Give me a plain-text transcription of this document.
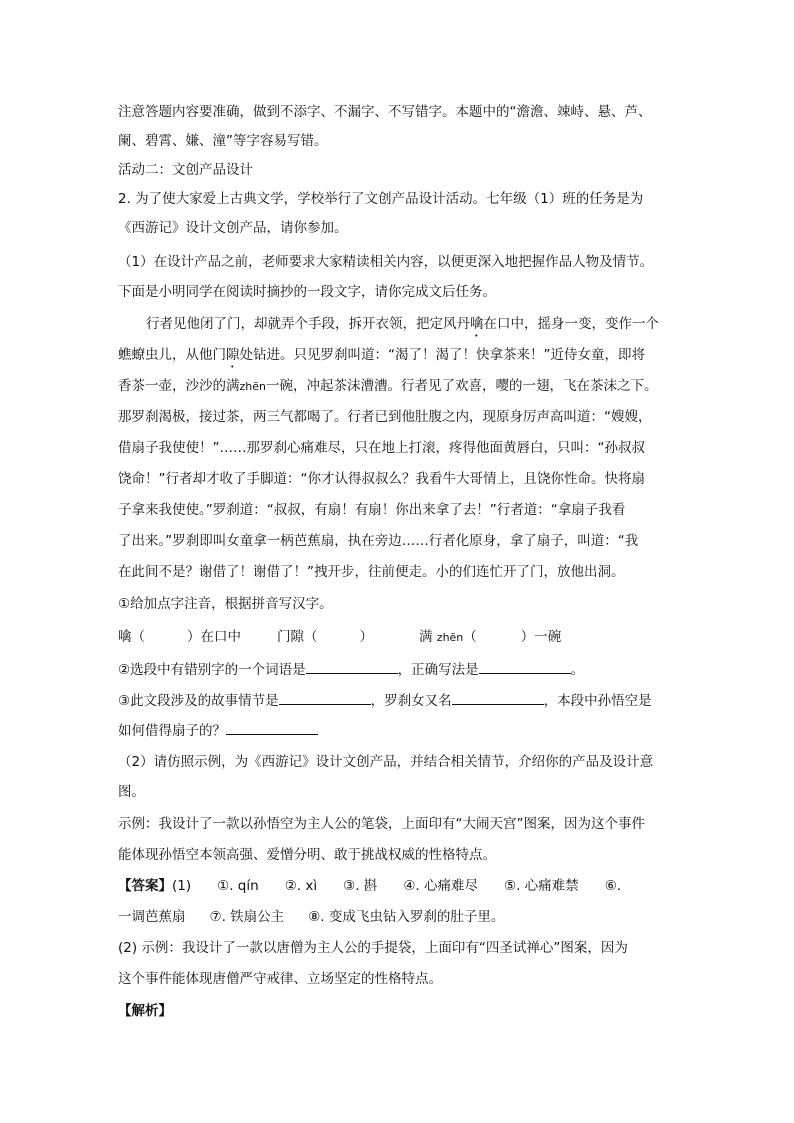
注意答题内容要准确，做到不添字、不漏字、不写错字。本题中的“澹澹、竦峙、悬、芦、
阑、碧霄、嫌、潼”等字容易写错。
活动二：文创产品设计
2. 为了使大家爱上古典文学，学校举行了文创产品设计活动。七年级（1）班的任务是为
《西游记》设计文创产品，请你参加。
（1）在设计产品之前，老师要求大家精读相关内容，以便更深入地把握作品人物及情节。
下面是小明同学在阅读时摘抄的一段文字，请你完成文后任务。
行者见他闭了门，却就弄个手段，拆开衣领，把定风丹噙在口中，摇身一变，变作一个
蟭蟟虫儿，从他门隙处钻进。只见罗刹叫道：“渴了！渴了！快拿茶来！”近侍女童，即将
香茶一壶，沙沙的满zhēn一碗，冲起茶沫漕漕。行者见了欢喜，嘤的一翅，飞在茶沫之下。
那罗刹渴极，接过茶，两三气都喝了。行者已到他肚腹之内，现原身厉声高叫道：“嫂嫂，
借扇子我使使！”……那罗刹心痛难尽，只在地上打滚，疼得他面黄唇白，只叫：“孙叔叔
饶命！”行者却才收了手脚道：“你才认得叔叔么？我看牛大哥情上，且饶你性命。快将扇
子拿来我使使。”罗刹道：“叔叔，有扇！有扇！你出来拿了去！”行者道：“拿扇子我看
了出来。”罗刹即叫女童拿一柄芭蕉扇，执在旁边……行者化原身，拿了扇子，叫道：“我
在此间不是？谢借了！谢借了！”拽开步，往前便走。小的们连忙开了门，放他出洞。
①给加点字注音，根据拼音写汉字。
噙（	）在口中	门隙（	）	满 zhēn（	）一碗
②选段中有错别字的一个词语是	，正确写法是	。
③此文段涉及的故事情节是	，罗刹女又名	，本段中孙悟空是
如何借得扇子的？
（2）请仿照示例，为《西游记》设计文创产品，并结合相关情节，介绍你的产品及设计意
图。
示例：我设计了一款以孙悟空为主人公的笔袋，上面印有“大闹天宫”图案，因为这个事件
能体现孙悟空本领高强、爱憎分明、敢于挑战权威的性格特点。
【答案】(1) ①. qín ②. xì ③. 斟 ④. 心痛难尽 ⑤. 心痛难禁 ⑥.
一调芭蕉扇 ⑦. 铁扇公主 ⑧. 变成飞虫钻入罗刹的肚子里。
(2) 示例：我设计了一款以唐僧为主人公的手提袋，上面印有“四圣试禅心”图案，因为
这个事件能体现唐僧严守戒律、立场坚定的性格特点。
【解析】
